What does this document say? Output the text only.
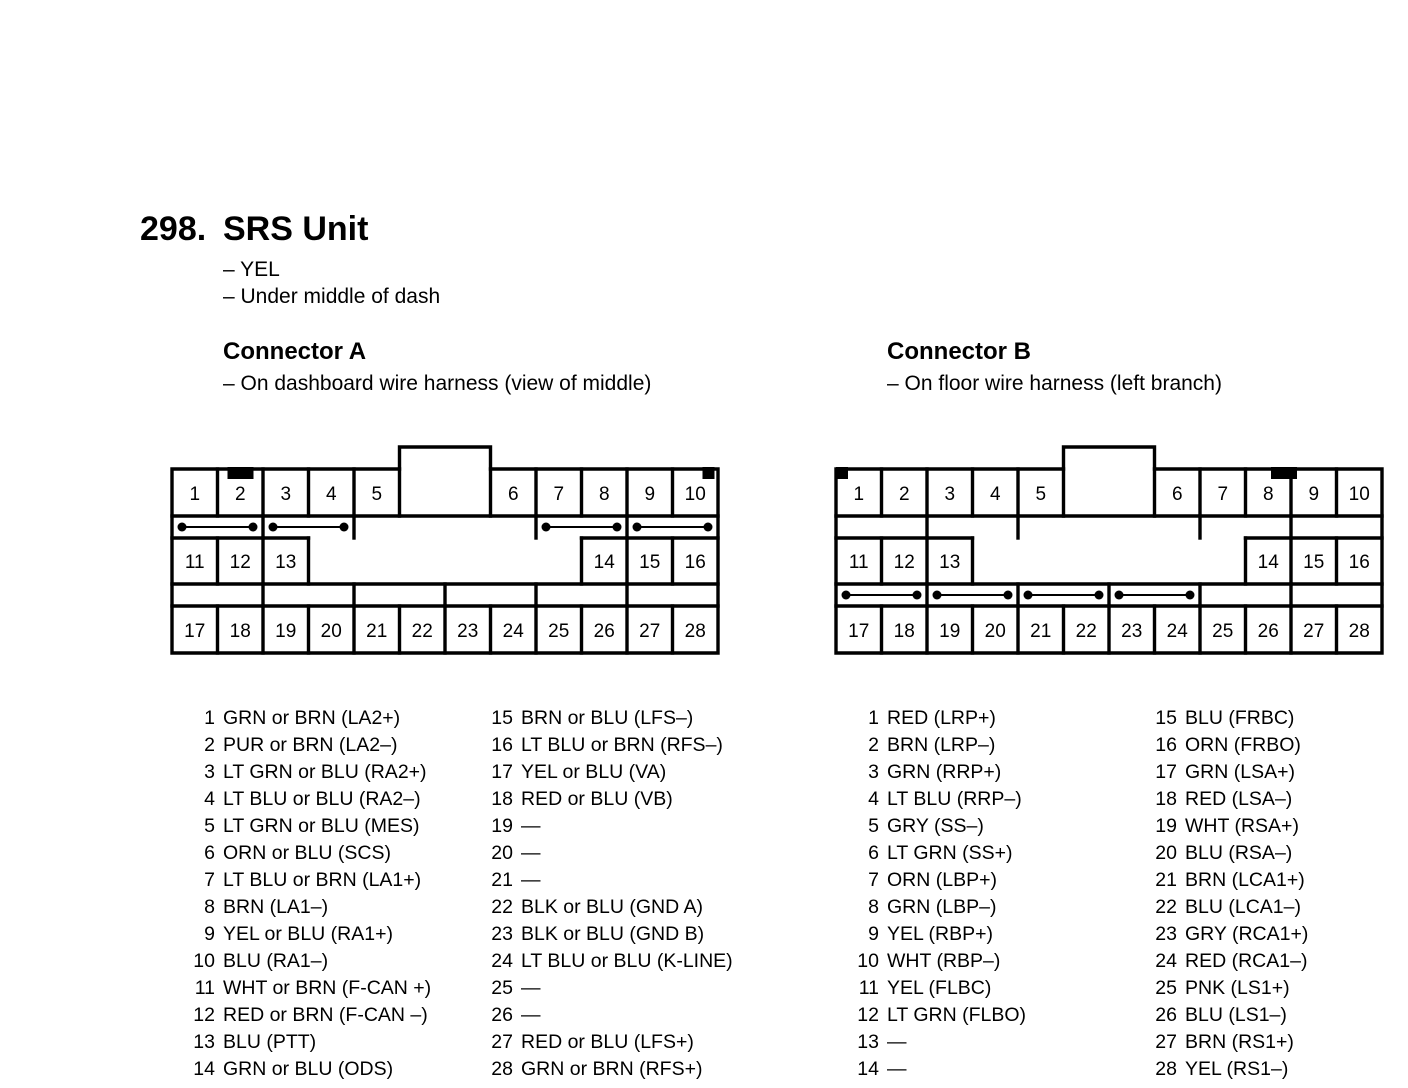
298. SRS Unit
– YEL
– Under middle of dash
Connector A
– On dashboard wire harness (view of middle)
Connector B
– On floor wire harness (left branch)
1 2 3 4 5	6 7 8 9 10
11 12 13	14 15 16
17 18 19 20 21 22 23 24 25 26 27 28
1 2 3 4 5	6 7 8 9 10
11 12 13	14 15 16
17 18 19 20 21 22 23 24 25 26 27 28
1 GRN or BRN (LA2+)
2 PUR or BRN (LA2–)
3 LT GRN or BLU (RA2+)
4 LT BLU or BLU (RA2–)
5 LT GRN or BLU (MES)
6 ORN or BLU (SCS)
7 LT BLU or BRN (LA1+)
8 BRN (LA1–)
9 YEL or BLU (RA1+)
10 BLU (RA1–)
11 WHT or BRN (F-CAN +)
12 RED or BRN (F-CAN –)
13 BLU (PTT)
14 GRN or BLU (ODS)
15 BRN or BLU (LFS–)
16 LT BLU or BRN (RFS–)
17 YEL or BLU (VA)
18 RED or BLU (VB)
19 —
20 —
21 —
22 BLK or BLU (GND A)
23 BLK or BLU (GND B)
24 LT BLU or BLU (K-LINE)
25 —
26 —
27 RED or BLU (LFS+)
28 GRN or BRN (RFS+)
1 RED (LRP+)
2 BRN (LRP–)
3 GRN (RRP+)
4 LT BLU (RRP–)
5 GRY (SS–)
6 LT GRN (SS+)
7 ORN (LBP+)
8 GRN (LBP–)
9 YEL (RBP+)
10 WHT (RBP–)
11 YEL (FLBC)
12 LT GRN (FLBO)
13 —
14 —
15 BLU (FRBC)
16 ORN (FRBO)
17 GRN (LSA+)
18 RED (LSA–)
19 WHT (RSA+)
20 BLU (RSA–)
21 BRN (LCA1+)
22 BLU (LCA1–)
23 GRY (RCA1+)
24 RED (RCA1–)
25 PNK (LS1+)
26 BLU (LS1–)
27 BRN (RS1+)
28 YEL (RS1–)
